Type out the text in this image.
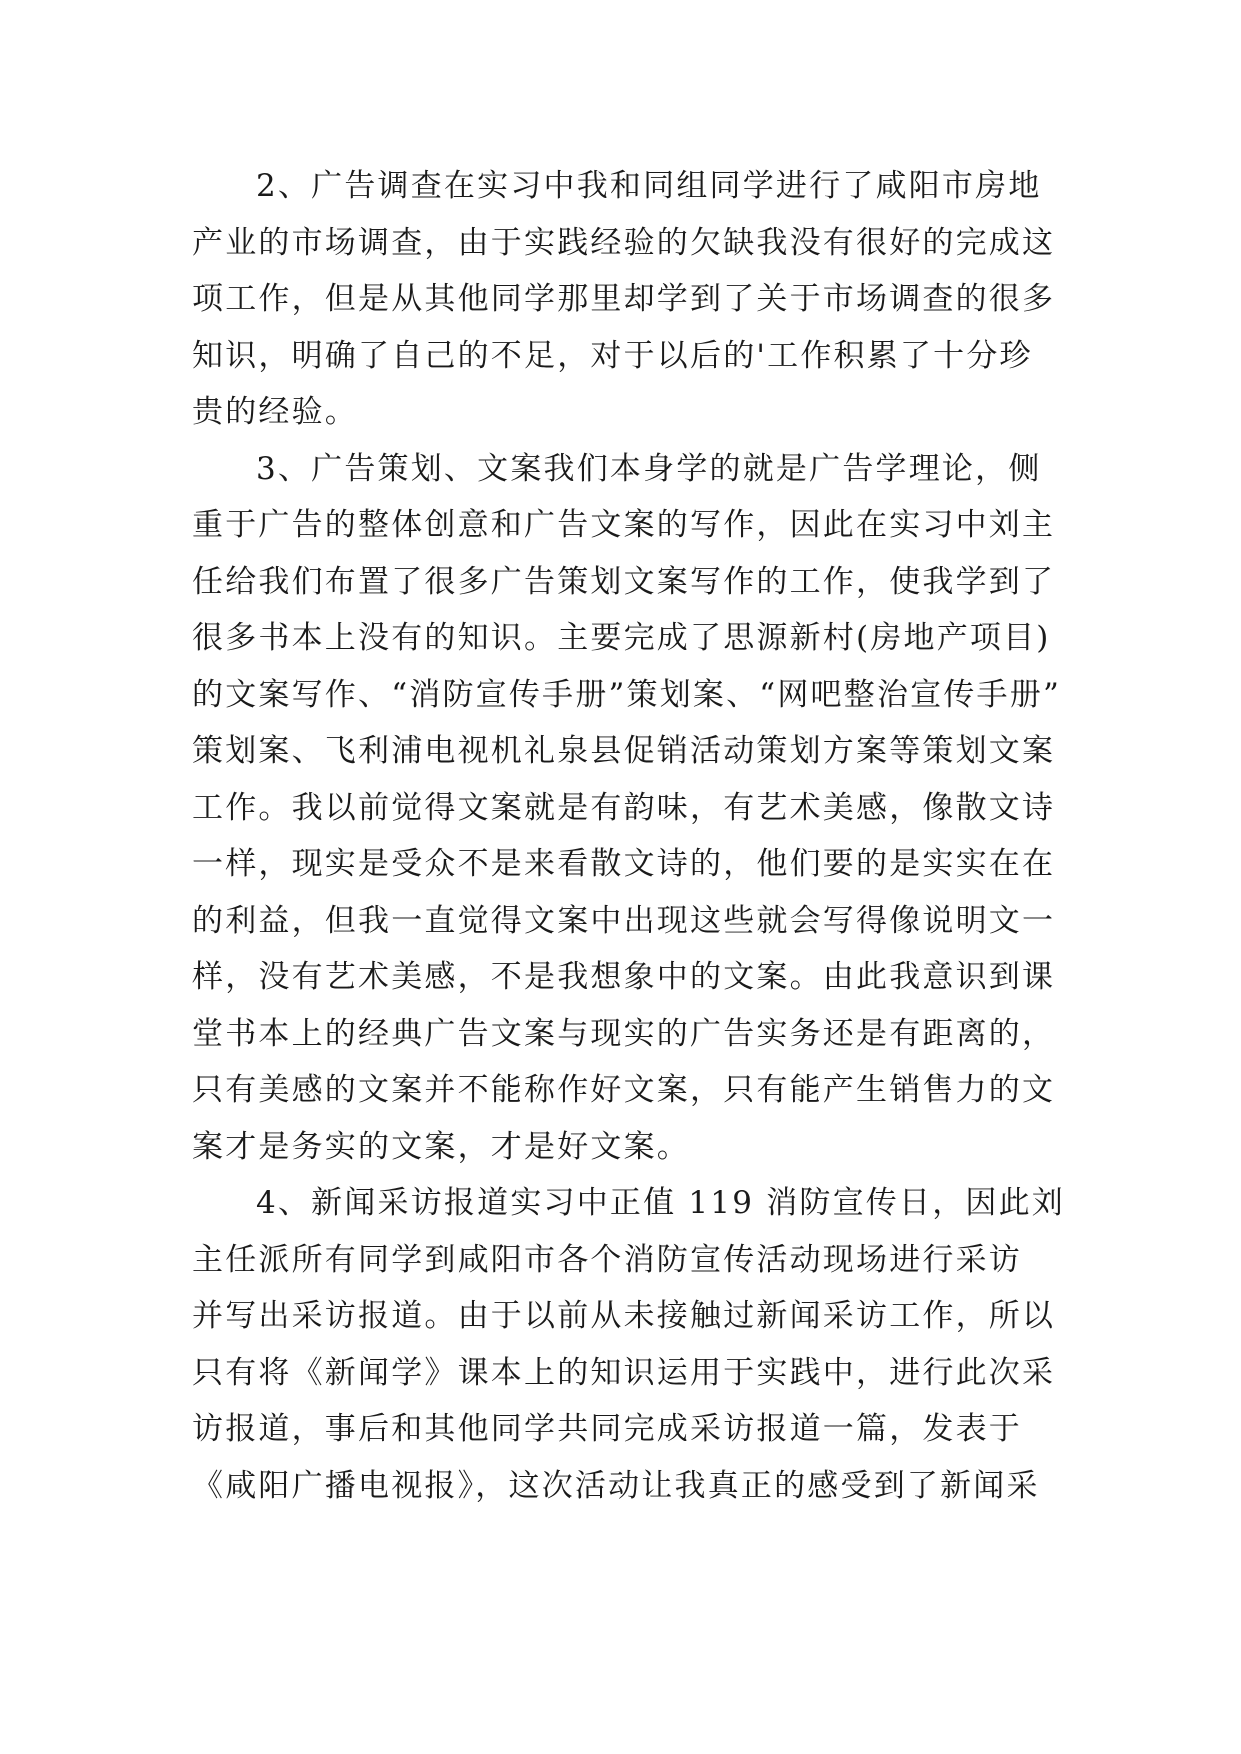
2、广告调查在实习中我和同组同学进行了咸阳市房地
产业的市场调查，由于实践经验的欠缺我没有很好的完成这
项工作，但是从其他同学那里却学到了关于市场调查的很多
知识，明确了自己的不足，对于以后的'工作积累了十分珍
贵的经验。
3、广告策划、文案我们本身学的就是广告学理论，侧
重于广告的整体创意和广告文案的写作，因此在实习中刘主
任给我们布置了很多广告策划文案写作的工作，使我学到了
很多书本上没有的知识。主要完成了思源新村(房地产项目)
的文案写作、“消防宣传手册”策划案、“网吧整治宣传手册”
策划案、飞利浦电视机礼泉县促销活动策划方案等策划文案
工作。我以前觉得文案就是有韵味，有艺术美感，像散文诗
一样，现实是受众不是来看散文诗的，他们要的是实实在在
的利益，但我一直觉得文案中出现这些就会写得像说明文一
样，没有艺术美感，不是我想象中的文案。由此我意识到课
堂书本上的经典广告文案与现实的广告实务还是有距离的，
只有美感的文案并不能称作好文案，只有能产生销售力的文
案才是务实的文案，才是好文案。
4、新闻采访报道实习中正值 119 消防宣传日，因此刘
主任派所有同学到咸阳市各个消防宣传活动现场进行采访
并写出采访报道。由于以前从未接触过新闻采访工作，所以
只有将《新闻学》课本上的知识运用于实践中，进行此次采
访报道，事后和其他同学共同完成采访报道一篇，发表于
《咸阳广播电视报》，这次活动让我真正的感受到了新闻采
